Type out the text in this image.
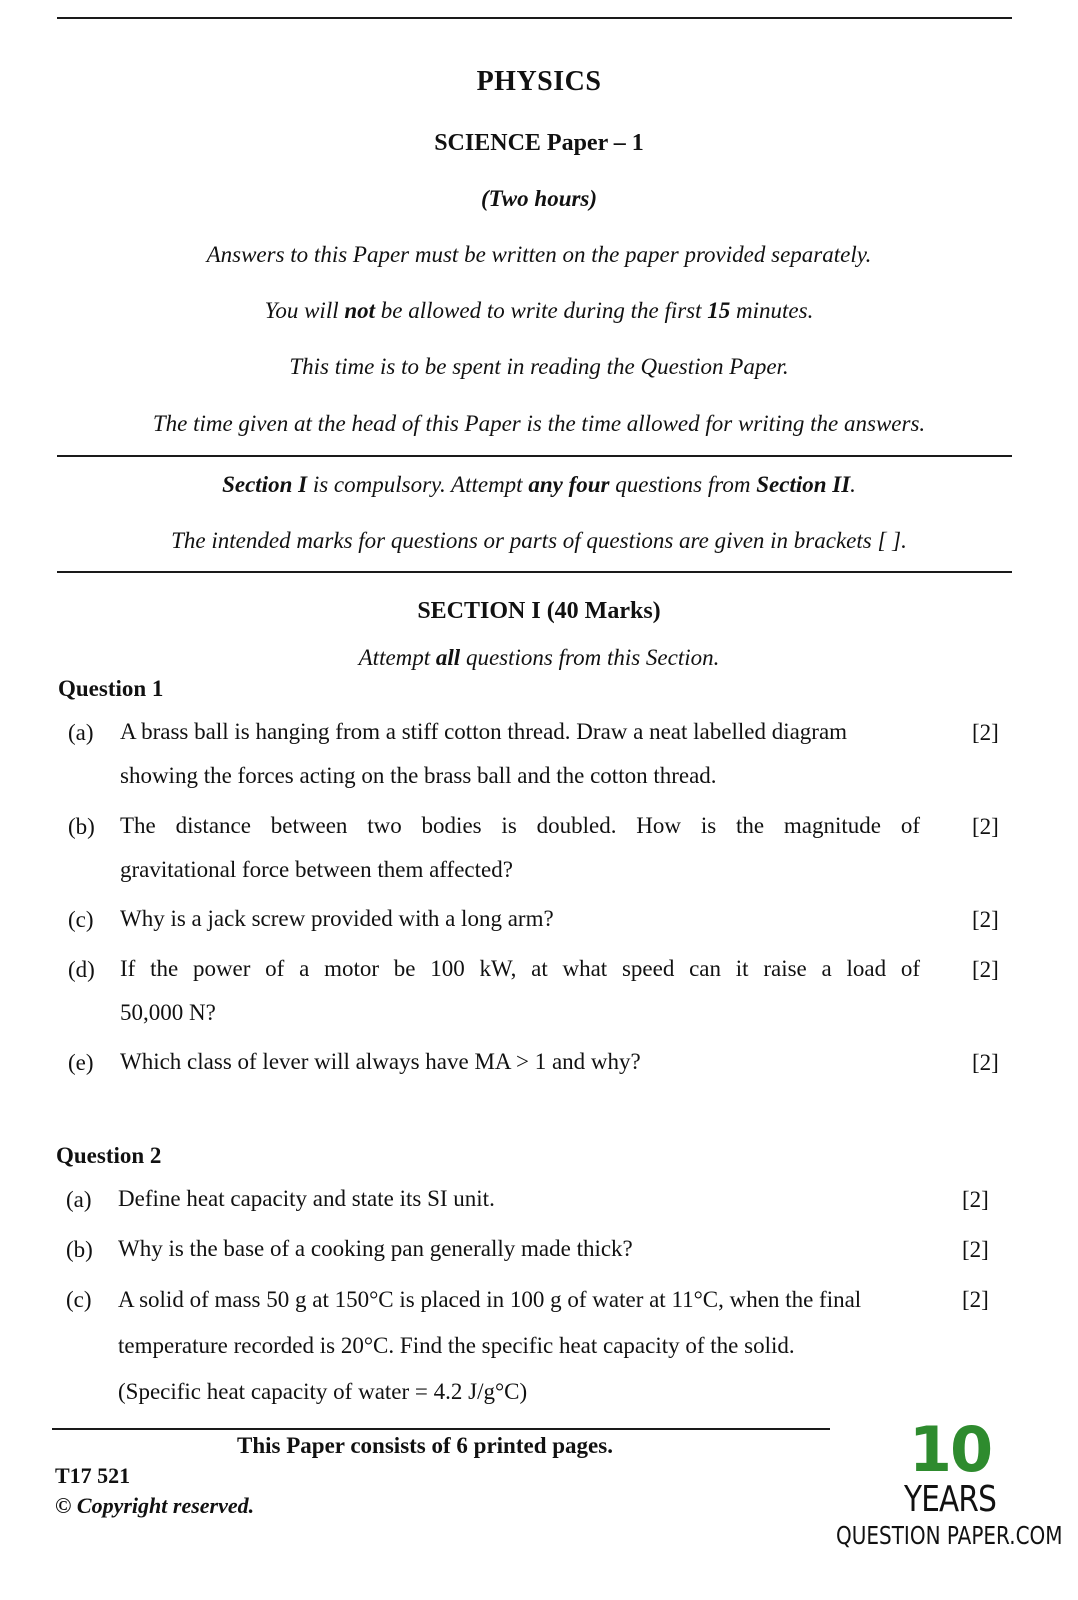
PHYSICS
SCIENCE Paper – 1
(Two hours)
Answers to this Paper must be written on the paper provided separately.
You will not be allowed to write during the first 15 minutes.
This time is to be spent in reading the Question Paper.
The time given at the head of this Paper is the time allowed for writing the answers.
Section I is compulsory. Attempt any four questions from Section II.
The intended marks for questions or parts of questions are given in brackets [ ].
SECTION I (40 Marks)
Attempt all questions from this Section.
Question 1
(a) A brass ball is hanging from a stiff cotton thread. Draw a neat labelled diagram
showing the forces acting on the brass ball and the cotton thread.
[2]
(b) The distance between two bodies is doubled. How is the magnitude of
gravitational force between them affected?
[2]
(c) Why is a jack screw provided with a long arm?	[2]
(d) If the power of a motor be 100 kW, at what speed can it raise a load of
50,000 N?
[2]
(e) Which class of lever will always have MA > 1 and why?	[2]
Question 2
(a) Define heat capacity and state its SI unit.	[2]
(b) Why is the base of a cooking pan generally made thick?	[2]
(c) A solid of mass 50 g at 150°C is placed in 100 g of water at 11°C, when the final
temperature recorded is 20°C. Find the specific heat capacity of the solid.
(Specific heat capacity of water = 4.2 J/g°C)
[2]
This Paper consists of 6 printed pages.
T17 521
© Copyright reserved.
10
YEARS
QUESTION PAPER.COM
